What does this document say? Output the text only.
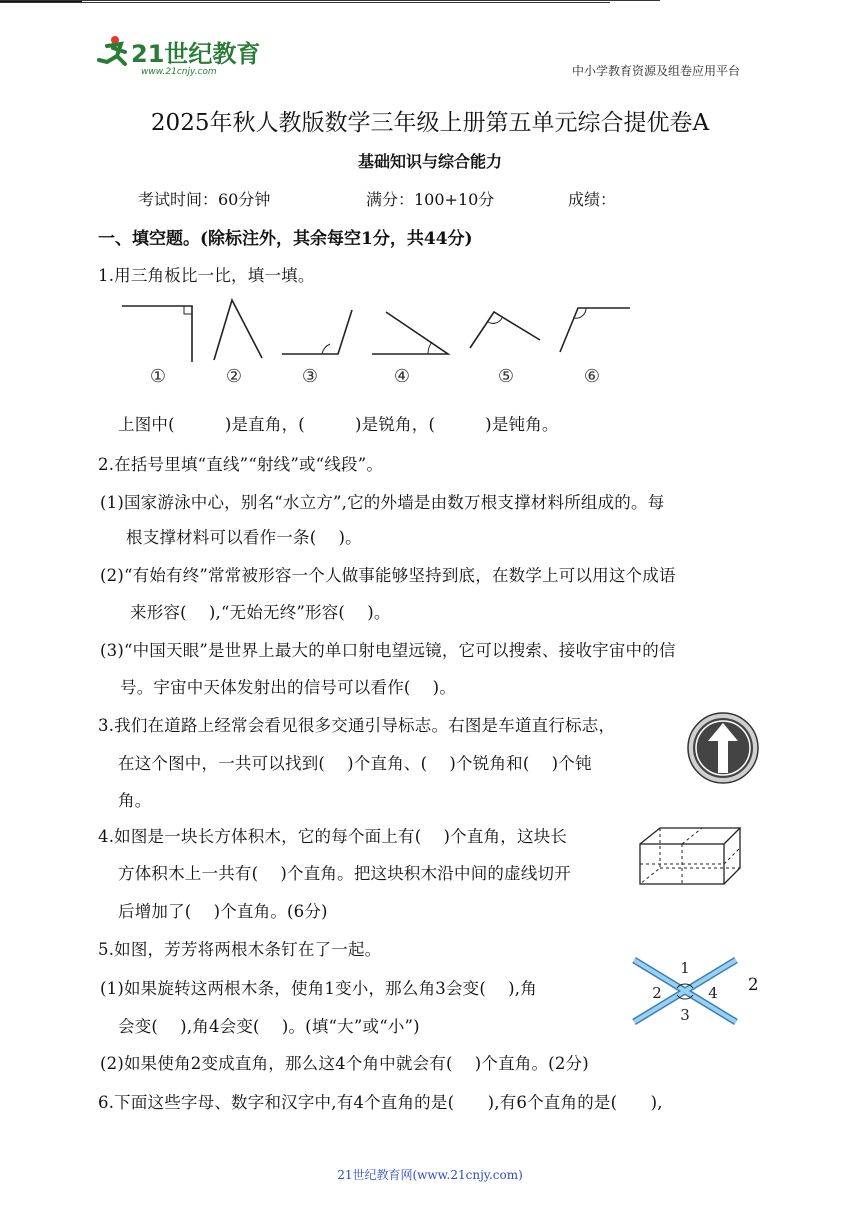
21世纪教育
www.21cnjy.com	中小学教育资源及组卷应用平台
2025年秋人教版数学三年级上册第五单元综合提优卷A
基础知识与综合能力
考试时间：60分钟	满分：100+10分	成绩：
一、填空题。(除标注外，其余每空1分，共44分)
1.用三角板比一比，填一填。
①	②	③	④	⑤	⑥
上图中(　　　)是直角，(　　　)是锐角，(　　　)是钝角。
2.在括号里填“直线”“射线”或“线段”。
(1)国家游泳中心，别名“水立方”,它的外墙是由数万根支撑材料所组成的。每
根支撑材料可以看作一条(　 )。
(2)“有始有终”常常被形容一个人做事能够坚持到底，在数学上可以用这个成语
来形容(　 ),“无始无终”形容(　 )。
(3)“中国天眼”是世界上最大的单口射电望远镜，它可以搜索、接收宇宙中的信
号。宇宙中天体发射出的信号可以看作(　 )。
3.我们在道路上经常会看见很多交通引导标志。右图是车道直行标志，
在这个图中，一共可以找到(　 )个直角、(　 )个锐角和(　 )个钝
角。
4.如图是一块长方体积木，它的每个面上有(　 )个直角，这块长
方体积木上一共有(　 )个直角。把这块积木沿中间的虚线切开
后增加了(　 )个直角。(6分)
5.如图，芳芳将两根木条钉在了一起。
(1)如果旋转这两根木条，使角1变小，那么角3会变(　 ),角	2
会变(　 ),角4会变(　 )。(填“大”或“小”)
(2)如果使角2变成直角，那么这4个角中就会有(　 )个直角。(2分)
1
2
3
4
6.下面这些字母、数字和汉字中,有4个直角的是(　　),有6个直角的是(　　),
21世纪教育网(www.21cnjy.com)
